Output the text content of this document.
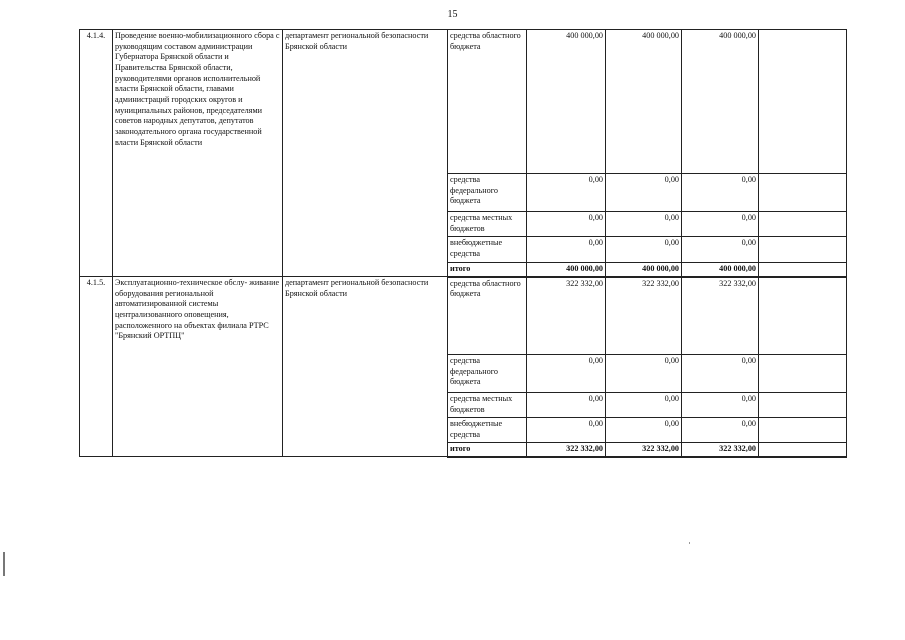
15
4.1.4.	Проведение военно-мобилизационного сбора с руководящим составом администрации Губернатора Брянской области и Правительства Брянской области, руководителями органов исполнительной власти Брянской области, главами администраций городских округов и муниципальных районов, председателями советов народных депутатов, депутатов законодательного органа государственной власти Брянской области	департамент региональной безопасности Брянской области	средства областного бюджета	400 000,00	400 000,00	400 000,00	
			средства федерального бюджета	0,00	0,00	0,00	
			средства местных бюджетов	0,00	0,00	0,00	
			внебюджетные средства	0,00	0,00	0,00	
			итого	400 000,00	400 000,00	400 000,00	
4.1.5.	Эксплуатационно-техническое обслу- живание оборудования региональной автоматизированной системы централизованного оповещения, расположенного на объектах филиала РТРС "Брянский ОРТПЦ"	департамент региональной безопасности Брянской области	средства областного бюджета	322 332,00	322 332,00	322 332,00	
			средства федерального бюджета	0,00	0,00	0,00	
			средства местных бюджетов	0,00	0,00	0,00	
			внебюджетные средства	0,00	0,00	0,00	
			итого	322 332,00	322 332,00	322 332,00	
